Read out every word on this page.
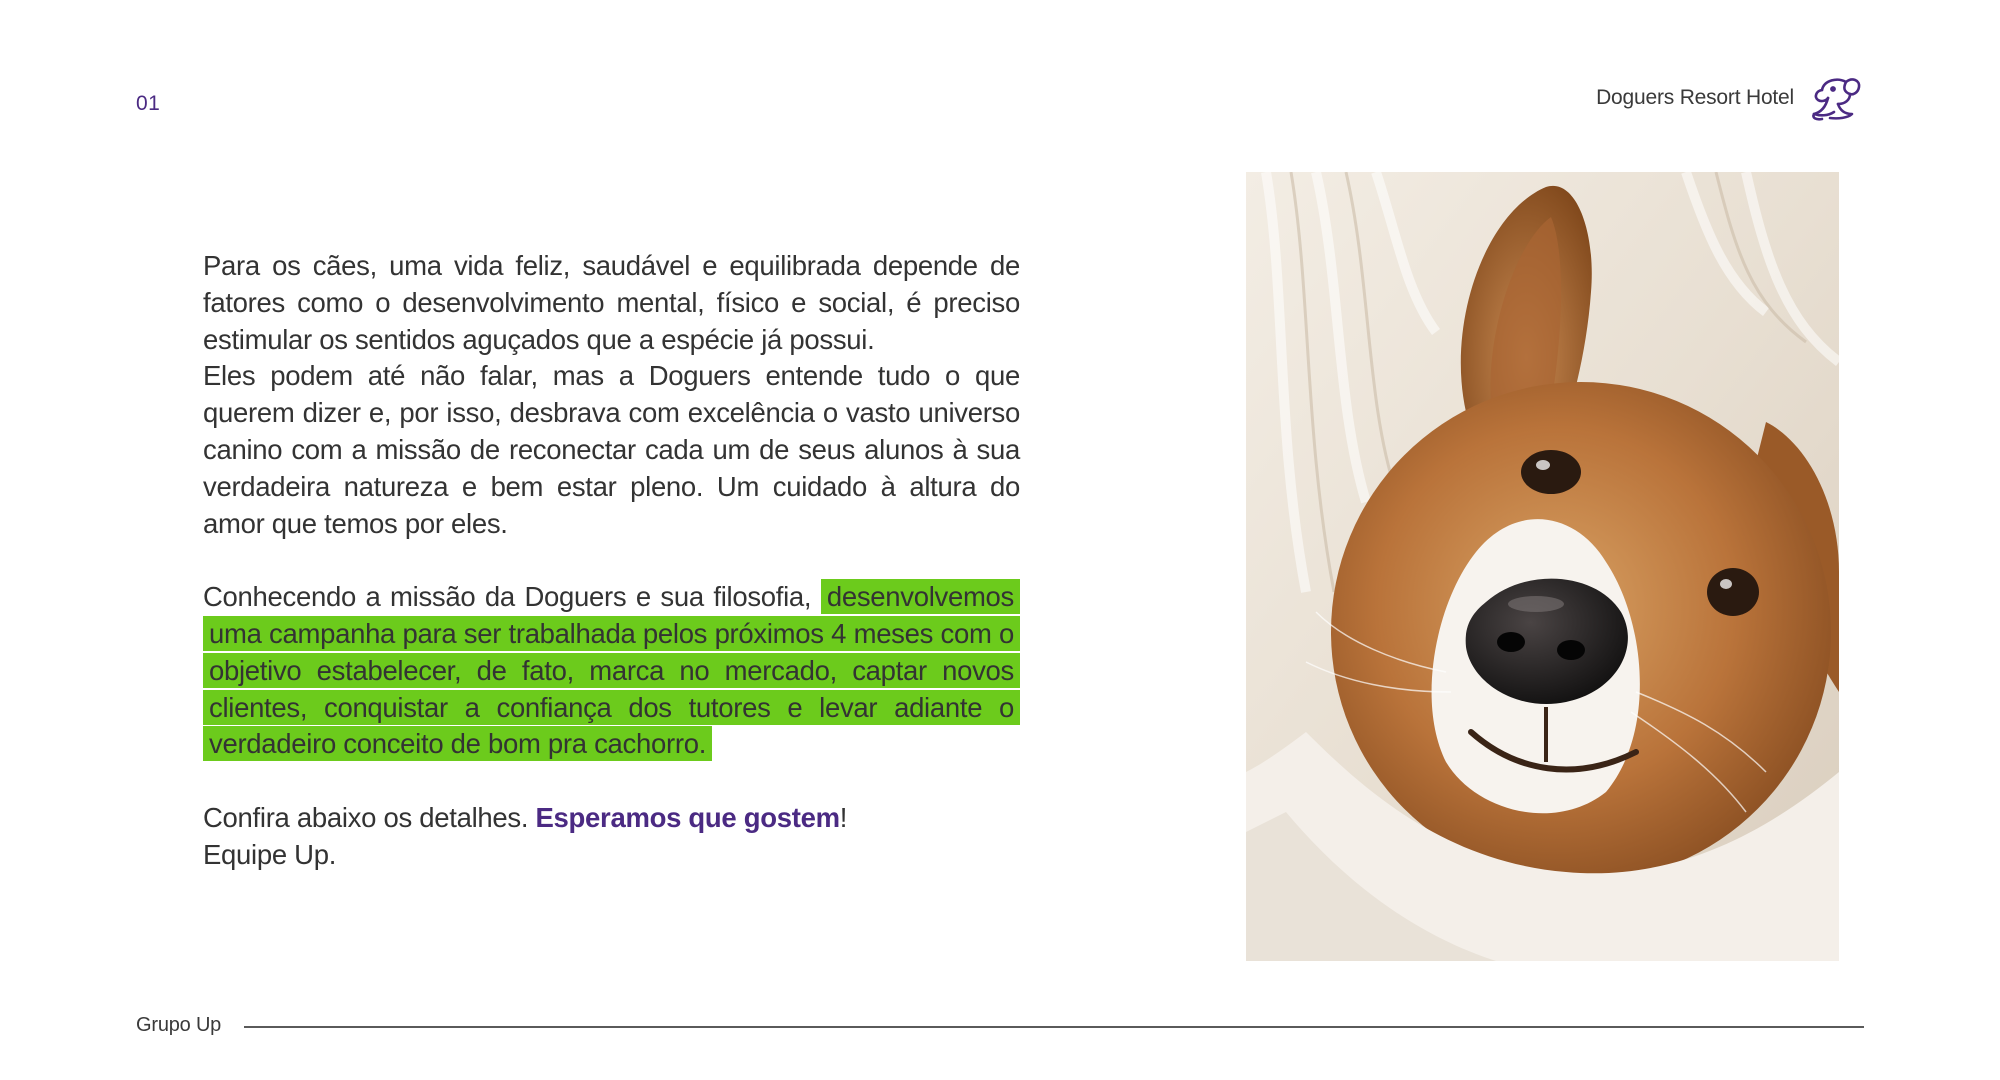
01	Doguers Resort Hotel

Para os cães, uma vida feliz, saudável e equilibrada depende de fatores como o desenvolvimento mental, físico e social, é preciso estimular os sentidos aguçados que a espécie já possui.

Eles podem até não falar, mas a Doguers entende tudo o que querem dizer e, por isso, desbrava com excelência o vasto universo canino com a missão de reconectar cada um de seus alunos à sua verdadeira natureza e bem estar pleno. Um cuidado à altura do amor que temos por eles.

Conhecendo a missão da Doguers e sua filosofia, desenvolvemos uma campanha para ser trabalhada pelos próximos 4 meses com o objetivo estabelecer, de fato, marca no mercado, captar novos clientes, conquistar a confiança dos tutores e levar adiante o verdadeiro conceito de bom pra cachorro.

Confira abaixo os detalhes. Esperamos que gostem!

Equipe Up.

Grupo Up
